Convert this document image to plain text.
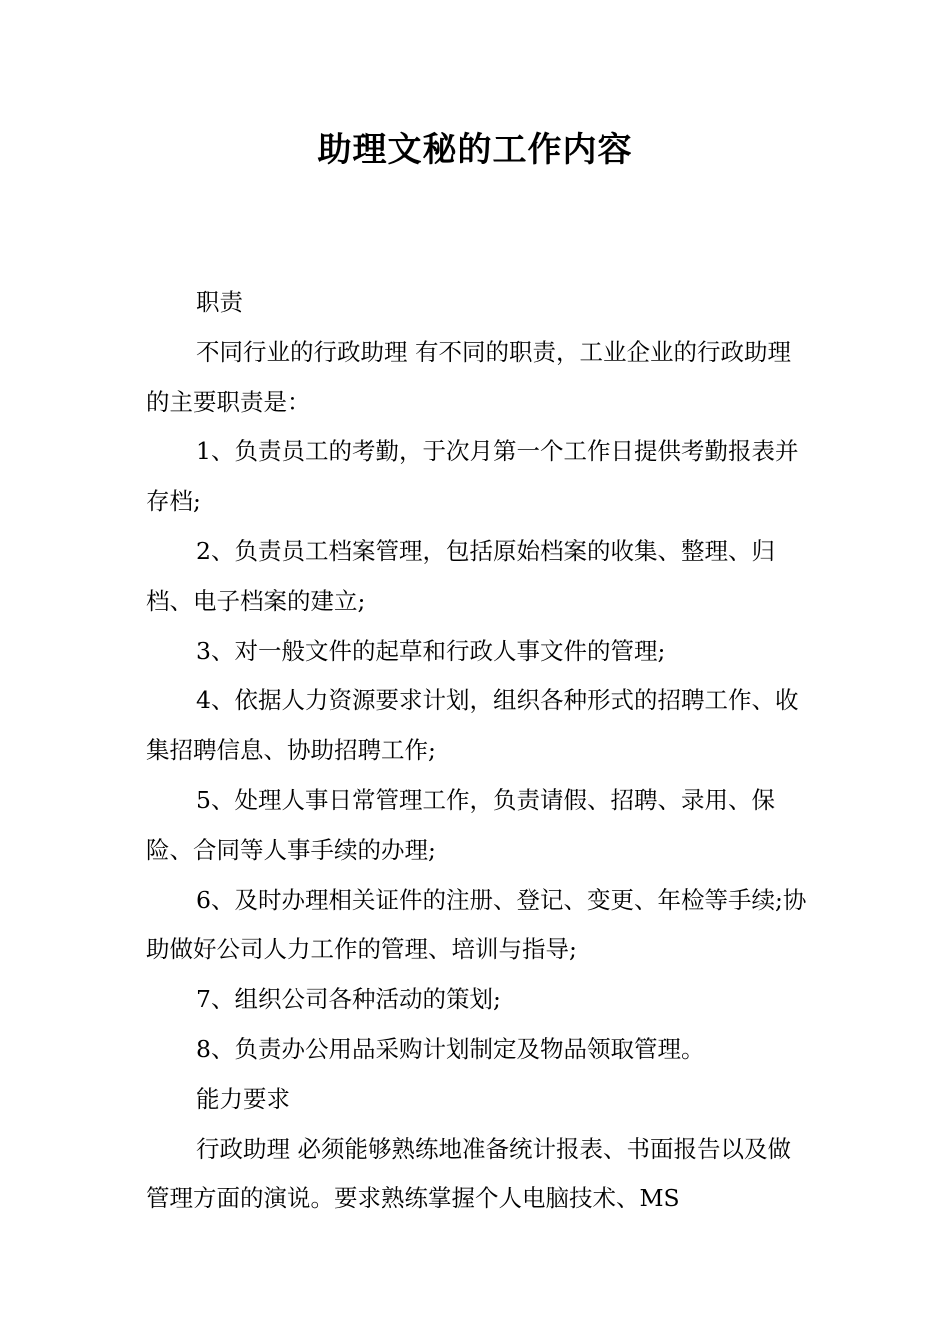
助理文秘的工作内容

职责

不同行业的行政助理 有不同的职责，工业企业的行政助理的主要职责是：

1、负责员工的考勤，于次月第一个工作日提供考勤报表并存档;

2、负责员工档案管理，包括原始档案的收集、整理、归档、电子档案的建立;

3、对一般文件的起草和行政人事文件的管理;

4、依据人力资源要求计划，组织各种形式的招聘工作、收集招聘信息、协助招聘工作;

5、处理人事日常管理工作，负责请假、招聘、录用、保险、合同等人事手续的办理;

6、及时办理相关证件的注册、登记、变更、年检等手续;协助做好公司人力工作的管理、培训与指导;

7、组织公司各种活动的策划;

8、负责办公用品采购计划制定及物品领取管理。

能力要求

行政助理 必须能够熟练地准备统计报表、书面报告以及做管理方面的演说。要求熟练掌握个人电脑技术、MS
